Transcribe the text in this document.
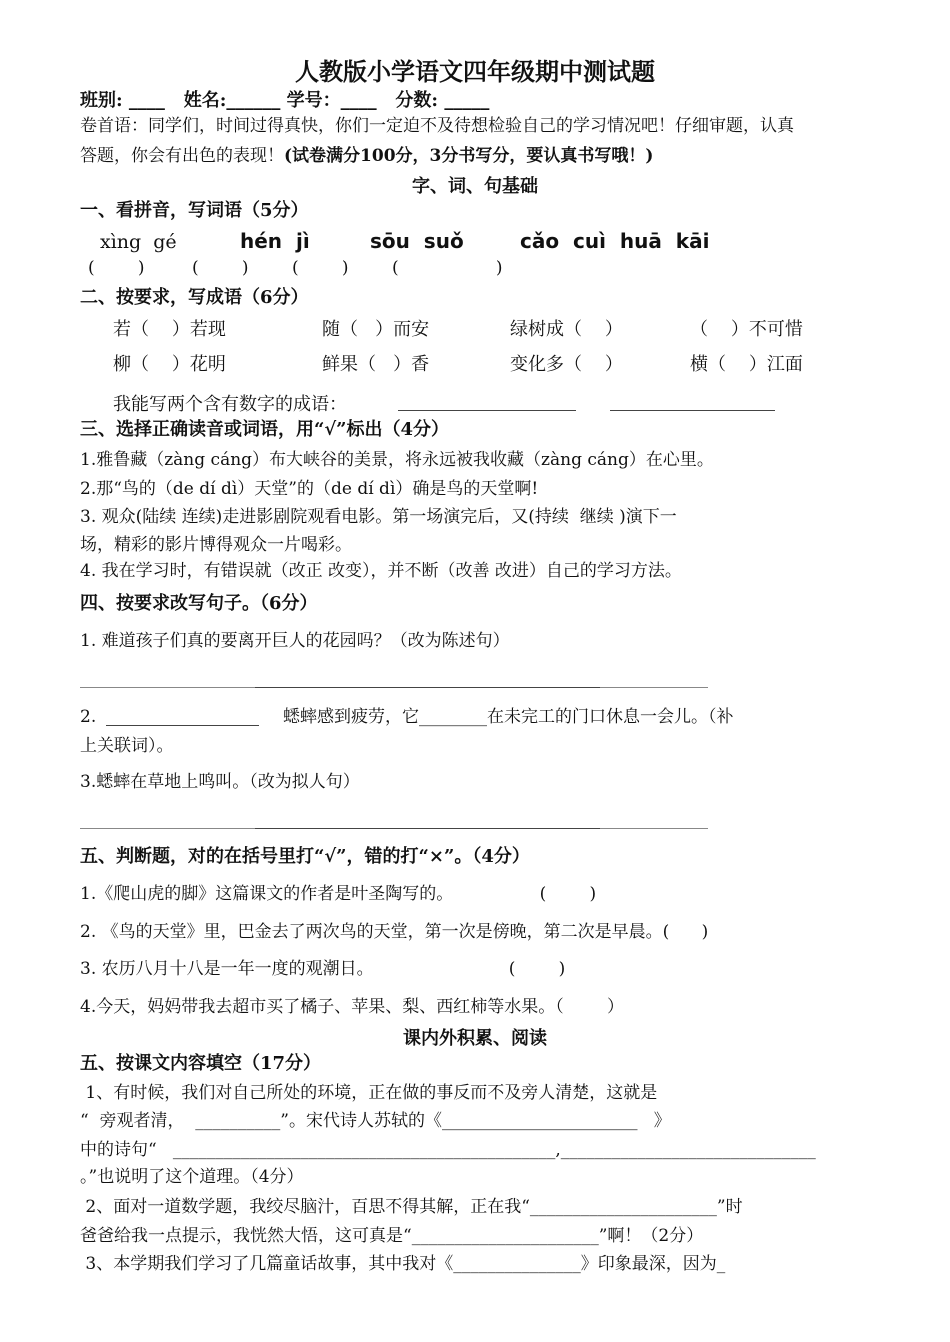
人教版小学语文四年级期中测试题
班别: ____   姓名:______ 学号：____   分数: _____
卷首语：同学们，时间过得真快，你们一定迫不及待想检验自己的学习情况吧！仔细审题，认真
答题，你会有出色的表现！(试卷满分100分，3分书写分，要认真书写哦！)
字、词、句基础
一、看拼音，写词语（5分）
xìng  gé	hén  jì	sōu  suǒ	cǎo  cuì  huā  kāi
(        )	(        )	(        )	(                  )
二、按要求，写成语（6分）
若（    ）若现	随（   ）而安	绿树成（    ）	（    ）不可惜
柳（    ）花明	鲜果（   ）香	变化多（    ）	横（    ）江面
我能写两个含有数字的成语：
三、选择正确读音或词语，用“√”标出（4分）
1.雅鲁藏（zàng cáng）布大峡谷的美景，将永远被我收藏（zàng cáng）在心里。
2.那“鸟的（de dí dì）天堂”的（de dí dì）确是鸟的天堂啊!
3. 观众(陆续 连续)走进影剧院观看电影。第一场演完后，又(持续  继续 )演下一
场，精彩的影片博得观众一片喝彩。
4. 我在学习时，有错误就（改正 改变），并不断（改善 改进）自己的学习方法。
四、按要求改写句子。（6分）
1. 难道孩子们真的要离开巨人的花园吗？（改为陈述句）
2.	蟋蟀感到疲劳，它________在未完工的门口休息一会儿。（补
上关联词）。
3.蟋蟀在草地上鸣叫。（改为拟人句）
五、判断题，对的在括号里打“√”，错的打“×”。（4分）
1.《爬山虎的脚》这篇课文的作者是叶圣陶写的。                (        )
2. 《鸟的天堂》里，巴金去了两次鸟的天堂，第一次是傍晚，第二次是早晨。(      )
3. 农历八月十八是一年一度的观潮日。                         (        )
4.今天，妈妈带我去超市买了橘子、苹果、梨、西红柿等水果。（        ）
课内外积累、阅读
五、按课文内容填空（17分）
1、有时候，我们对自己所处的环境，正在做的事反而不及旁人清楚，这就是
“  旁观者清，  __________”。宋代诗人苏轼的《_______________________   》
中的诗句“   _____________________________________________,______________________________
。”也说明了这个道理。（4分）
2、面对一道数学题，我绞尽脑汁，百思不得其解，正在我“______________________”时
爸爸给我一点提示，我恍然大悟，这可真是“______________________”啊！（2分）
3、本学期我们学习了几篇童话故事，其中我对《_______________》印象最深，因为_
